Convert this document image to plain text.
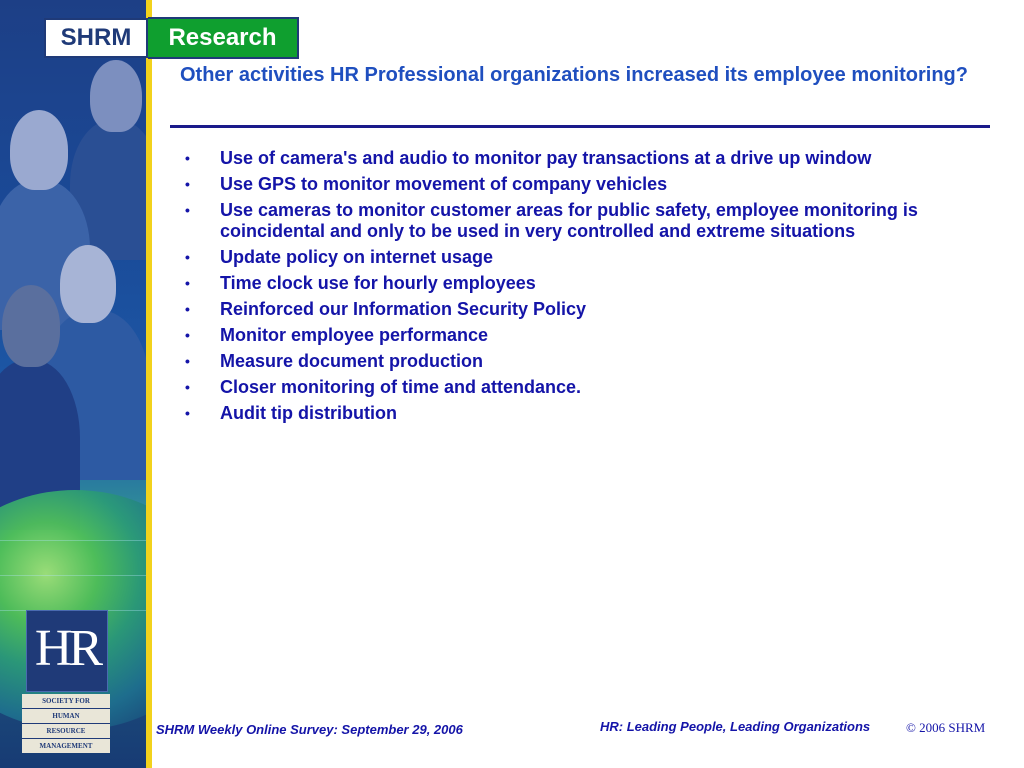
HR
SOCIETY FOR
HUMAN
RESOURCE
MANAGEMENT
SHRM	Research
Other activities HR Professional organizations increased its employee monitoring?
• Use of camera's and audio to monitor pay transactions at a drive up window
• Use GPS to monitor movement of company vehicles
• Use cameras to monitor customer areas for public safety, employee monitoring is coincidental and only to be used in very controlled and extreme situations
• Update policy on internet usage
• Time clock use for hourly employees
• Reinforced our Information Security Policy
• Monitor employee performance
• Measure document production
• Closer monitoring of time and attendance.
• Audit tip distribution
SHRM Weekly Online Survey: September 29, 2006	HR: Leading People, Leading Organizations	© 2006 SHRM
